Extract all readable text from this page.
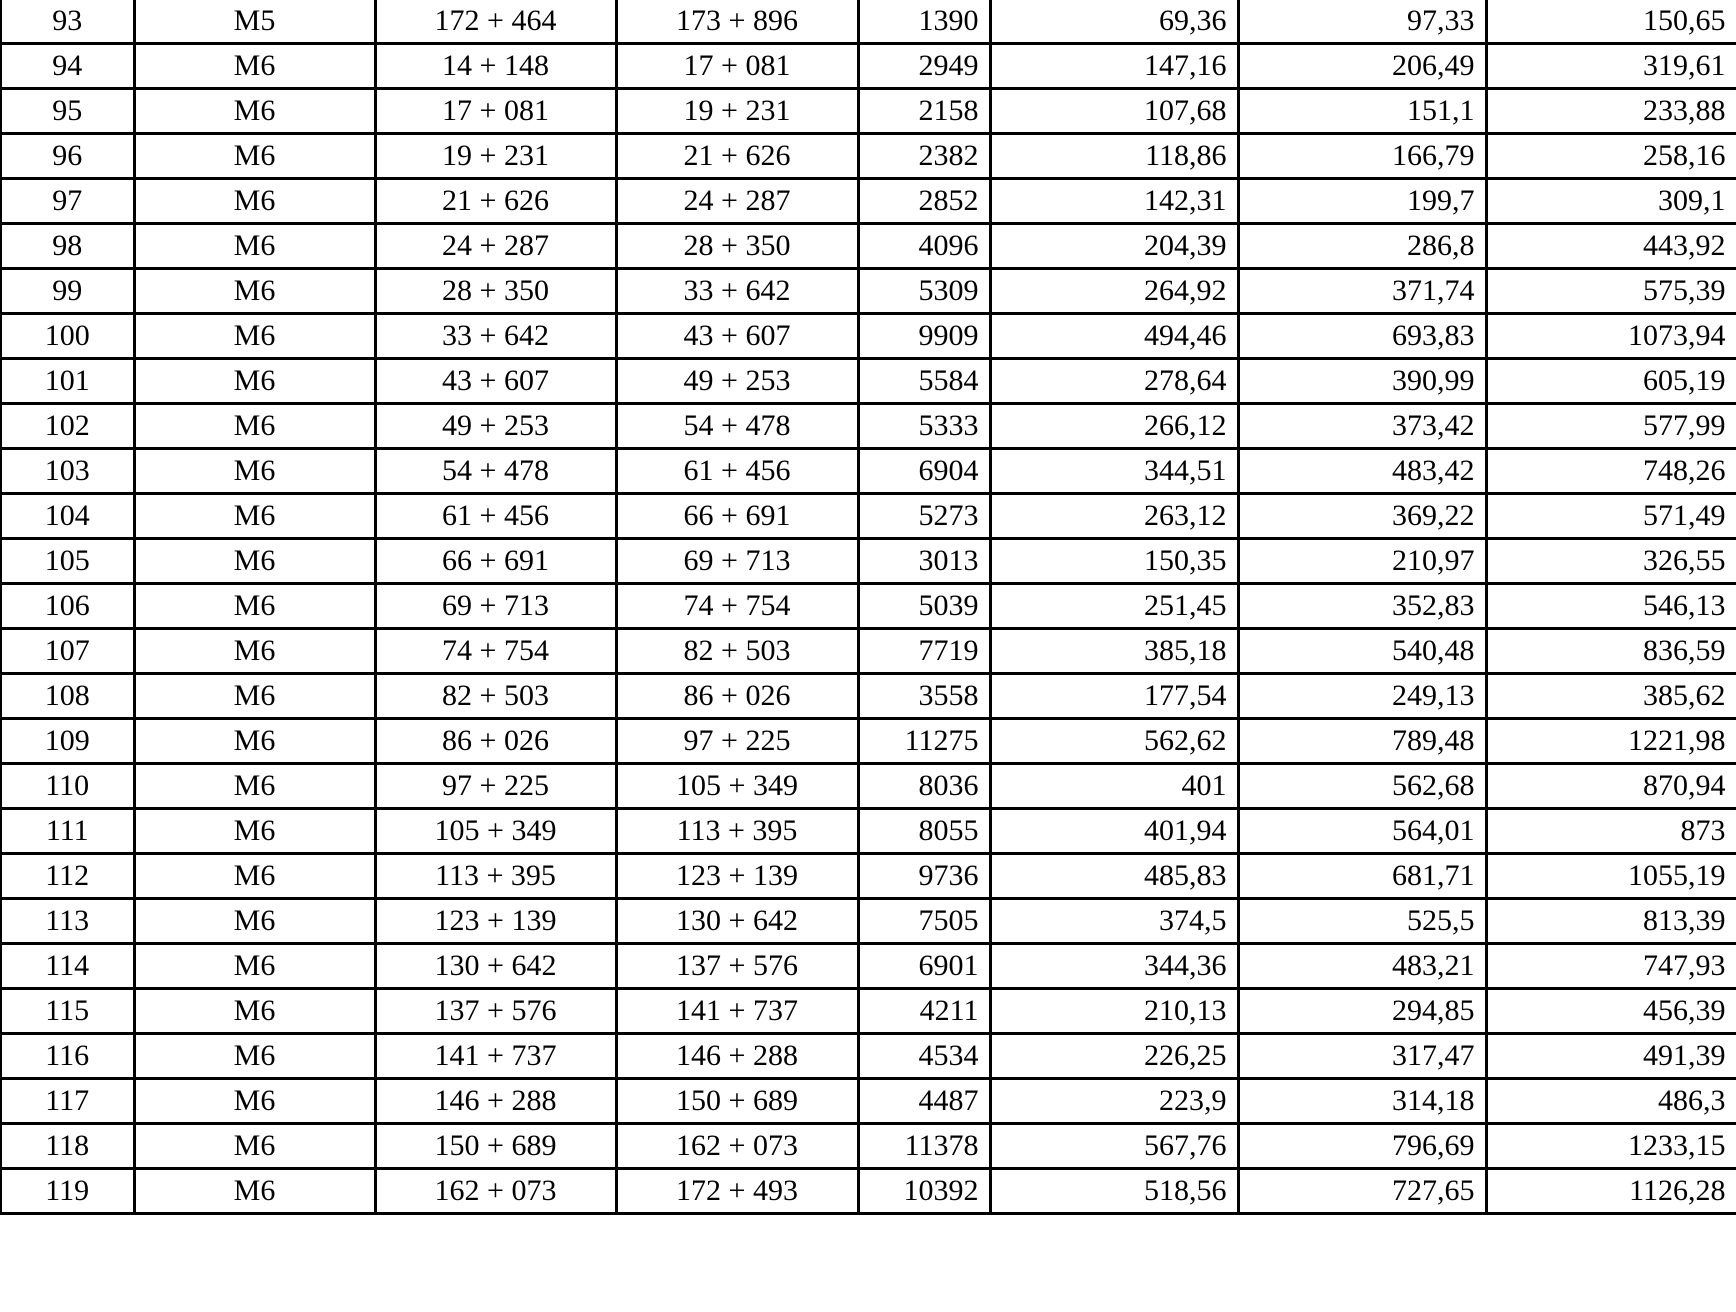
93	M5	172 + 464	173 + 896	1390	69,36	97,33	150,65
94	M6	14 + 148	17 + 081	2949	147,16	206,49	319,61
95	M6	17 + 081	19 + 231	2158	107,68	151,1	233,88
96	M6	19 + 231	21 + 626	2382	118,86	166,79	258,16
97	M6	21 + 626	24 + 287	2852	142,31	199,7	309,1
98	M6	24 + 287	28 + 350	4096	204,39	286,8	443,92
99	M6	28 + 350	33 + 642	5309	264,92	371,74	575,39
100	M6	33 + 642	43 + 607	9909	494,46	693,83	1073,94
101	M6	43 + 607	49 + 253	5584	278,64	390,99	605,19
102	M6	49 + 253	54 + 478	5333	266,12	373,42	577,99
103	M6	54 + 478	61 + 456	6904	344,51	483,42	748,26
104	M6	61 + 456	66 + 691	5273	263,12	369,22	571,49
105	M6	66 + 691	69 + 713	3013	150,35	210,97	326,55
106	M6	69 + 713	74 + 754	5039	251,45	352,83	546,13
107	M6	74 + 754	82 + 503	7719	385,18	540,48	836,59
108	M6	82 + 503	86 + 026	3558	177,54	249,13	385,62
109	M6	86 + 026	97 + 225	11275	562,62	789,48	1221,98
110	M6	97 + 225	105 + 349	8036	401	562,68	870,94
111	M6	105 + 349	113 + 395	8055	401,94	564,01	873
112	M6	113 + 395	123 + 139	9736	485,83	681,71	1055,19
113	M6	123 + 139	130 + 642	7505	374,5	525,5	813,39
114	M6	130 + 642	137 + 576	6901	344,36	483,21	747,93
115	M6	137 + 576	141 + 737	4211	210,13	294,85	456,39
116	M6	141 + 737	146 + 288	4534	226,25	317,47	491,39
117	M6	146 + 288	150 + 689	4487	223,9	314,18	486,3
118	M6	150 + 689	162 + 073	11378	567,76	796,69	1233,15
119	M6	162 + 073	172 + 493	10392	518,56	727,65	1126,28
